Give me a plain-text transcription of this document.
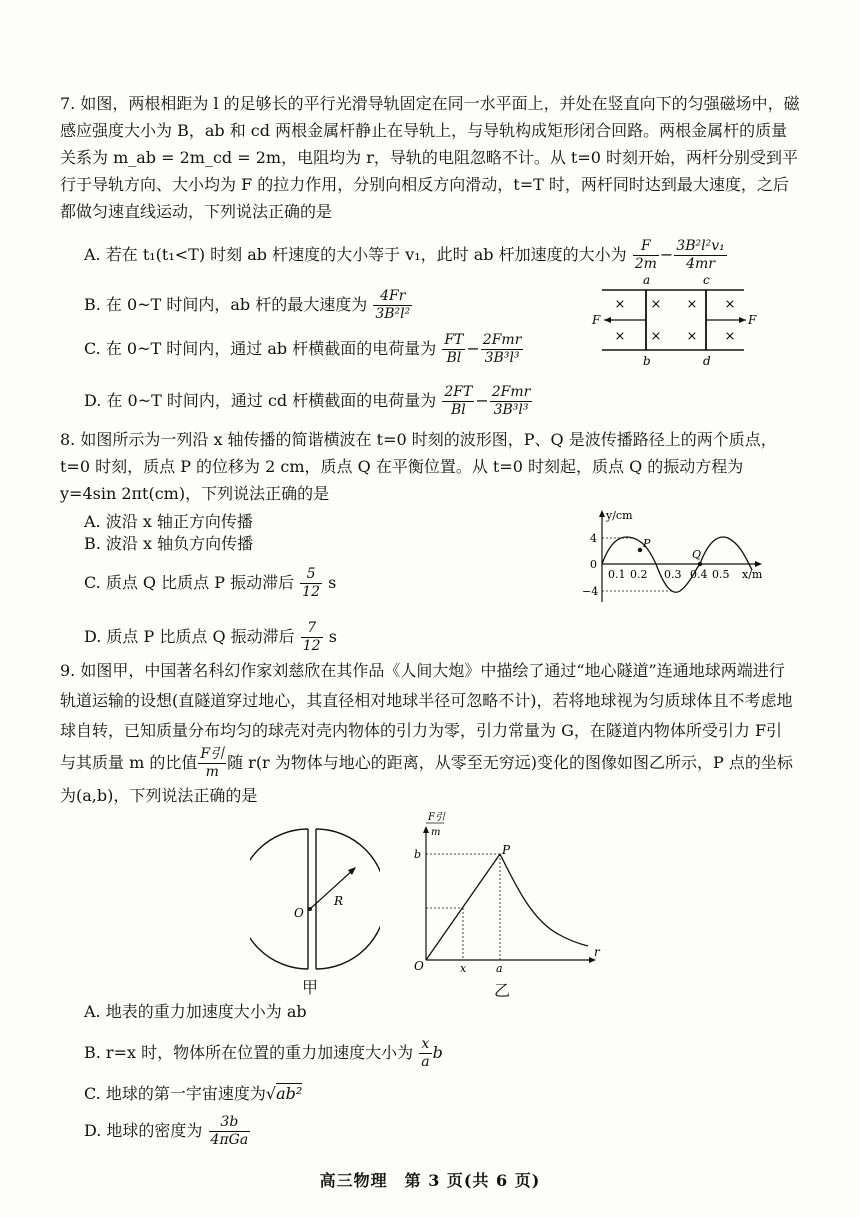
7. 如图，两根相距为 l 的足够长的平行光滑导轨固定在同一水平面上，并处在竖直向下的匀强磁场中，磁感应强度大小为 B，ab 和 cd 两根金属杆静止在导轨上，与导轨构成矩形闭合回路。两根金属杆的质量关系为 m_ab = 2m_cd = 2m，电阻均为 r，导轨的电阻忽略不计。从 t=0 时刻开始，两杆分别受到平行于导轨方向、大小均为 F 的拉力作用，分别向相反方向滑动，t=T 时，两杆同时达到最大速度，之后都做匀速直线运动，下列说法正确的是
A. 若在 t₁(t₁<T) 时刻 ab 杆速度的大小等于 v₁，此时 ab 杆加速度的大小为 $\frac{F}{2m} - \frac{\text{3B²l²v₁}}{4mr}$
B. 在 0~T 时间内，ab 杆的最大速度为 $\frac{4Fr}{\text{3B²l²}}$
C. 在 0~T 时间内，通过 ab 杆横截面的电荷量为 $\frac{FT}{Bl} - \frac{\text{2Fmr}}{\text{3B³l³}}$
D. 在 0~T 时间内，通过 cd 杆横截面的电荷量为 $\frac{2FT}{Bl} - \frac{\text{2Fmr}}{\text{3B³l³}}$
a	c
b	d
× × × ×
× × × ×
F	F
8. 如图所示为一列沿 x 轴传播的简谐横波在 t=0 时刻的波形图，P、Q 是波传播路径上的两个质点，t=0 时刻，质点 P 的位移为 2 cm，质点 Q 在平衡位置。从 t=0 时刻起，质点 Q 的振动方程为 y=4sin 2πt(cm)，下列说法正确的是
A. 波沿 x 轴正方向传播
B. 波沿 x 轴负方向传播
C. 质点 Q 比质点 P 振动滞后 $\frac{5}{12}$ s
D. 质点 P 比质点 Q 振动滞后 $\frac{7}{12}$ s
y/cm
x/m
4
0
−4
0.1 0.2 0.3 0.4 0.5
P
Q
9. 如图甲，中国著名科幻作家刘慈欣在其作品《人间大炮》中描绘了通过“地心隧道”连通地球两端进行轨道运输的设想(直隧道穿过地心，其直径相对地球半径可忽略不计)，若将地球视为匀质球体且不考虑地球自转，已知质量分布均匀的球壳对壳内物体的引力为零，引力常量为 G，在隧道内物体所受引力 F引 与其质量 m 的比值 $\frac{\text{F引}}{m}$ 随 r(r 为物体与地心的距离，从零至无穷远)变化的图像如图乙所示，P 点的坐标为(a,b)，下列说法正确的是
O
R
甲
F引
m
b	P
O	x	a
r
乙
A. 地表的重力加速度大小为 ab
B. r=x 时，物体所在位置的重力加速度大小为 $\frac{x}{a}$ b
C. 地球的第一宇宙速度为√ab²
D. 地球的密度为 $\frac{3b}{\text{4πGa}}$
高三物理　第 3 页(共 6 页)
